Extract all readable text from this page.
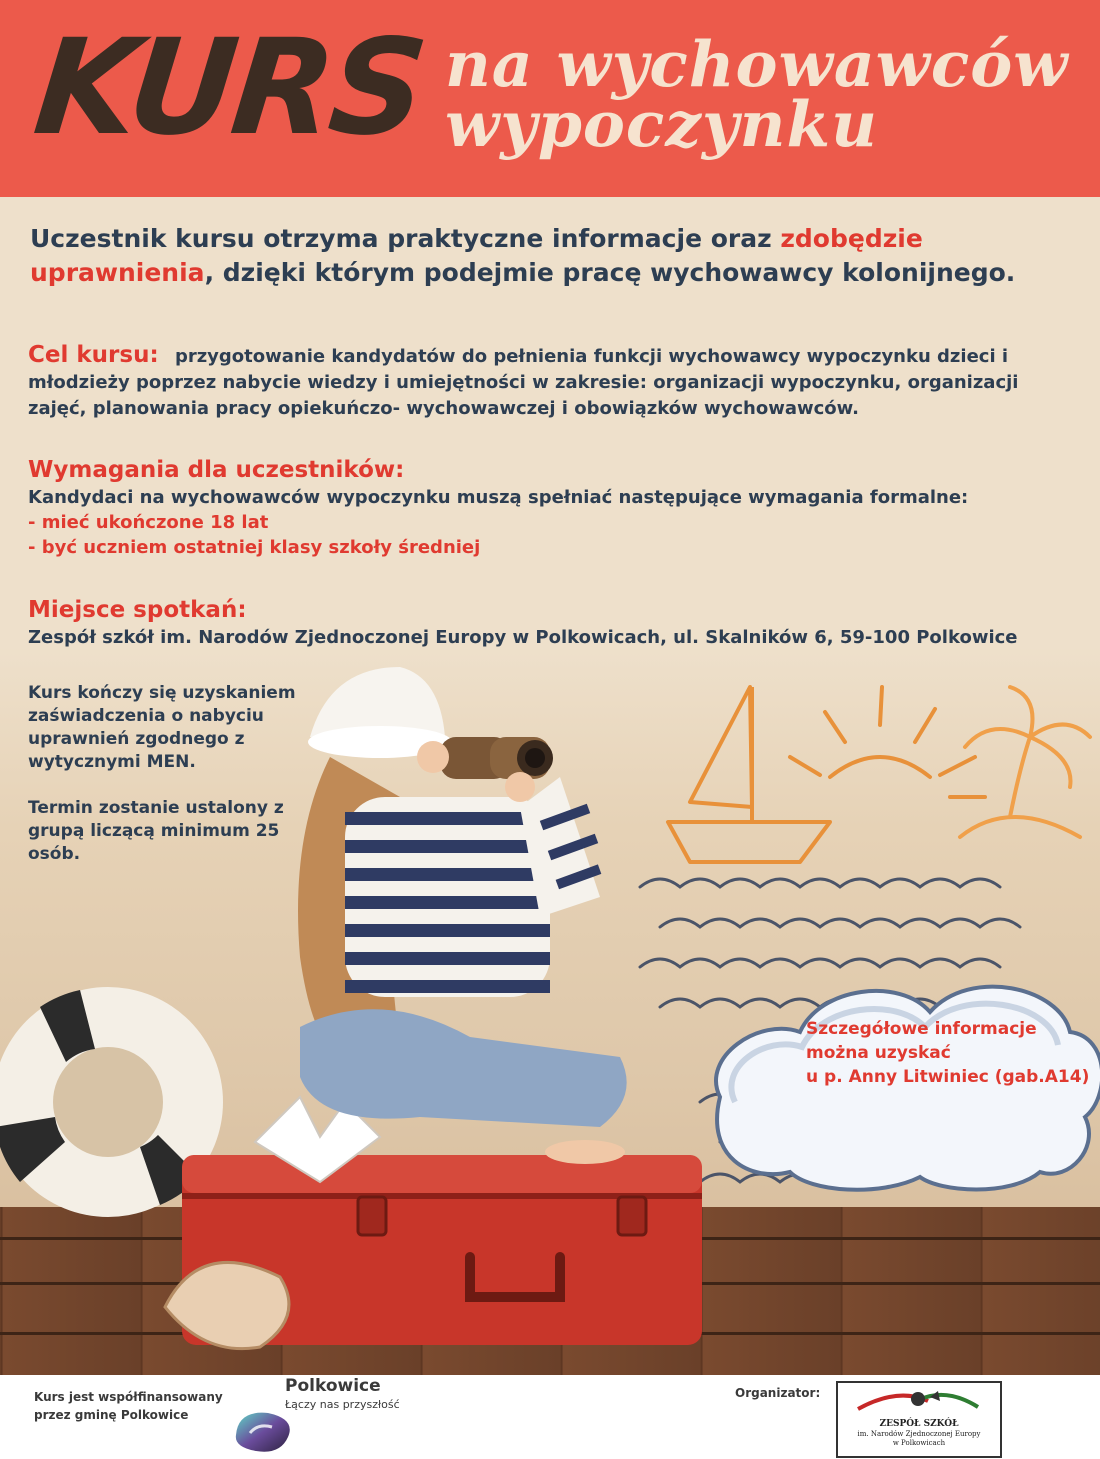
KURS na wychowawców
wypoczynku
Uczestnik kursu otrzyma praktyczne informacje oraz zdobędzie uprawnienia, dzięki którym podejmie pracę wychowawcy kolonijnego.
Cel kursu: przygotowanie kandydatów do pełnienia funkcji wychowawcy wypoczynku dzieci i młodzieży poprzez nabycie wiedzy i umiejętności w zakresie: organizacji wypoczynku, organizacji zajęć, planowania pracy opiekuńczo- wychowawczej i obowiązków wychowawców.
Wymagania dla uczestników:
Kandydaci na wychowawców wypoczynku muszą spełniać następujące wymagania formalne:
- mieć ukończone 18 lat
- być uczniem ostatniej klasy szkoły średniej
Miejsce spotkań:
Zespół szkół im. Narodów Zjednoczonej Europy w Polkowicach, ul. Skalników 6, 59-100 Polkowice

Kurs kończy się uzyskaniem zaświadczenia o nabyciu uprawnień zgodnego z wytycznymi MEN.

Termin zostanie ustalony z grupą liczącą minimum 25 osób.

Szczegółowe informacje
można uzyskać
u p. Anny Litwiniec (gab.A14)
Kurs jest współfinansowany
przez gminę Polkowice
Polkowice
Łączy nas przyszłość
Organizator:
ZESPÓŁ SZKÓŁ
im. Narodów Zjednoczonej Europy
w Polkowicach
